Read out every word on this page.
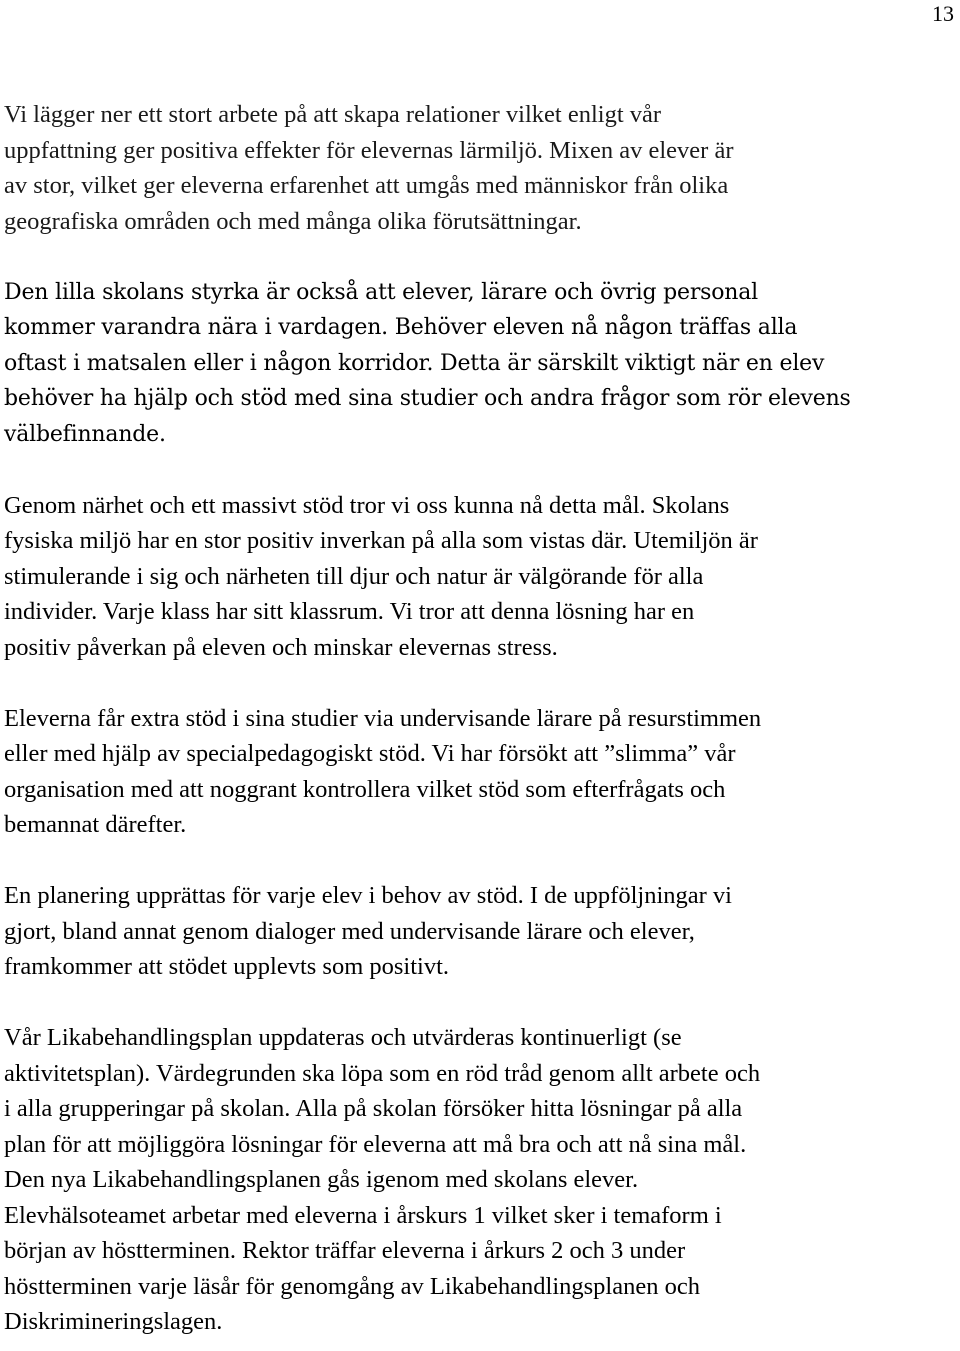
13

Vi lägger ner ett stort arbete på att skapa relationer vilket enligt vår
uppfattning ger positiva effekter för elevernas lärmiljö. Mixen av elever är
av stor, vilket ger eleverna erfarenhet att umgås med människor från olika
geografiska områden och med många olika förutsättningar.

Den lilla skolans styrka är också att elever, lärare och övrig personal
kommer varandra nära i vardagen. Behöver eleven nå någon träffas alla
oftast i matsalen eller i någon korridor. Detta är särskilt viktigt när en elev
behöver ha hjälp och stöd med sina studier och andra frågor som rör elevens
välbefinnande.

Genom närhet och ett massivt stöd tror vi oss kunna nå detta mål. Skolans
fysiska miljö har en stor positiv inverkan på alla som vistas där. Utemiljön är
stimulerande i sig och närheten till djur och natur är välgörande för alla
individer. Varje klass har sitt klassrum. Vi tror att denna lösning har en
positiv påverkan på eleven och minskar elevernas stress.

Eleverna får extra stöd i sina studier via undervisande lärare på resurstimmen
eller med hjälp av specialpedagogiskt stöd. Vi har försökt att ”slimma” vår
organisation med att noggrant kontrollera vilket stöd som efterfrågats och
bemannat därefter.

En planering upprättas för varje elev i behov av stöd. I de uppföljningar vi
gjort, bland annat genom dialoger med undervisande lärare och elever,
framkommer att stödet upplevts som positivt.

Vår Likabehandlingsplan uppdateras och utvärderas kontinuerligt (se
aktivitetsplan). Värdegrunden ska löpa som en röd tråd genom allt arbete och
i alla grupperingar på skolan. Alla på skolan försöker hitta lösningar på alla
plan för att möjliggöra lösningar för eleverna att må bra och att nå sina mål.
Den nya Likabehandlingsplanen gås igenom med skolans elever.
Elevhälsoteamet arbetar med eleverna i årskurs 1 vilket sker i temaform i
början av höstterminen. Rektor träffar eleverna i årkurs 2 och 3 under
höstterminen varje läsår för genomgång av Likabehandlingsplanen och
Diskrimineringslagen.
